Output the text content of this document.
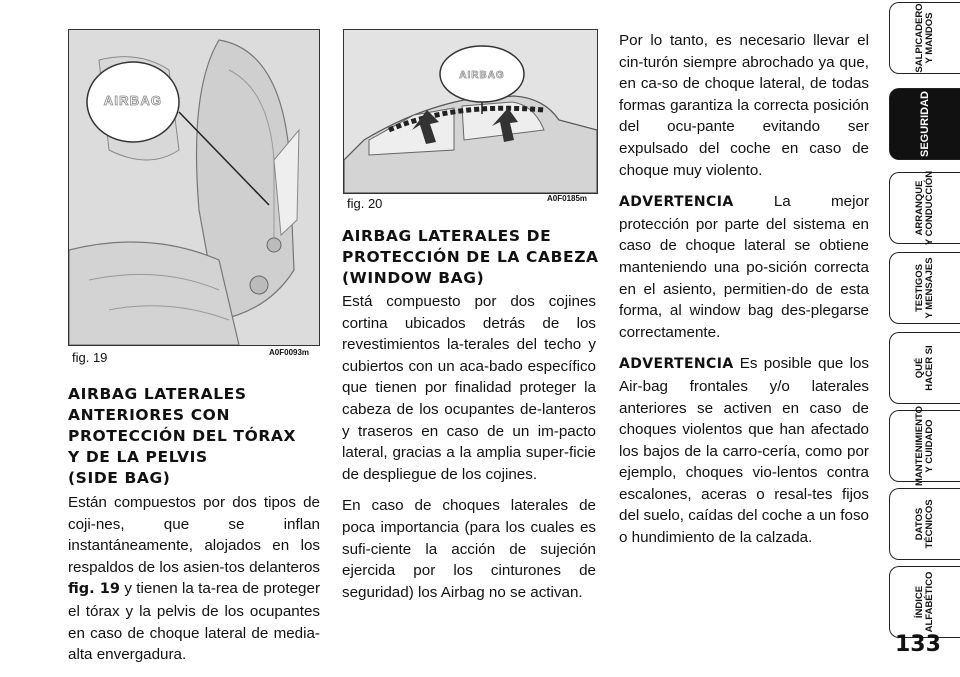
AIRBAG
fig. 19	A0F0093m
AIRBAG
fig. 20	A0F0185m
AIRBAG LATERALES
ANTERIORES CON
PROTECCIÓN DEL TÓRAX
Y DE LA PELVIS
(SIDE BAG)

Están compuestos por dos tipos de coji-nes, que se inflan instantáneamente, alojados en los respaldos de los asien-tos delanteros fig. 19 y tienen la ta-rea de proteger el tórax y la pelvis de los ocupantes en caso de choque lateral de media-alta envergadura.

AIRBAG LATERALES DE
PROTECCIÓN DE LA CABEZA
(WINDOW BAG)

Está compuesto por dos cojines cortina ubicados detrás de los revestimientos la-terales del techo y cubiertos con un aca-bado específico que tienen por finalidad proteger la cabeza de los ocupantes de-lanteros y traseros en caso de un im-pacto lateral, gracias a la amplia super-ficie de despliegue de los cojines.

En caso de choques laterales de poca importancia (para los cuales es sufi-ciente la acción de sujeción ejercida por los cinturones de seguridad) los Airbag no se activan.

Por lo tanto, es necesario llevar el cin-turón siempre abrochado ya que, en ca-so de choque lateral, de todas formas garantiza la correcta posición del ocu-pante evitando ser expulsado del coche en caso de choque muy violento.

ADVERTENCIA La mejor protección por parte del sistema en caso de choque lateral se obtiene manteniendo una po-sición correcta en el asiento, permitien-do de esta forma, al window bag des-plegarse correctamente.

ADVERTENCIA Es posible que los Air-bag frontales y/o laterales anteriores se activen en caso de choques violentos que han afectado los bajos de la carro-cería, como por ejemplo, choques vio-lentos contra escalones, aceras o resal-tes fijos del suelo, caídas del coche a un foso o hundimiento de la calzada.

SALPICADERO Y MANDOS
SEGURIDAD
ARRANQUE Y CONDUCCIÓN
TESTIGOS Y MENSAJES
QUÉ HACER SI
MANTENIMIENTO Y CUIDADO
DATOS TÉCNICOS
ÍNDICE ALFABÉTICO
133
